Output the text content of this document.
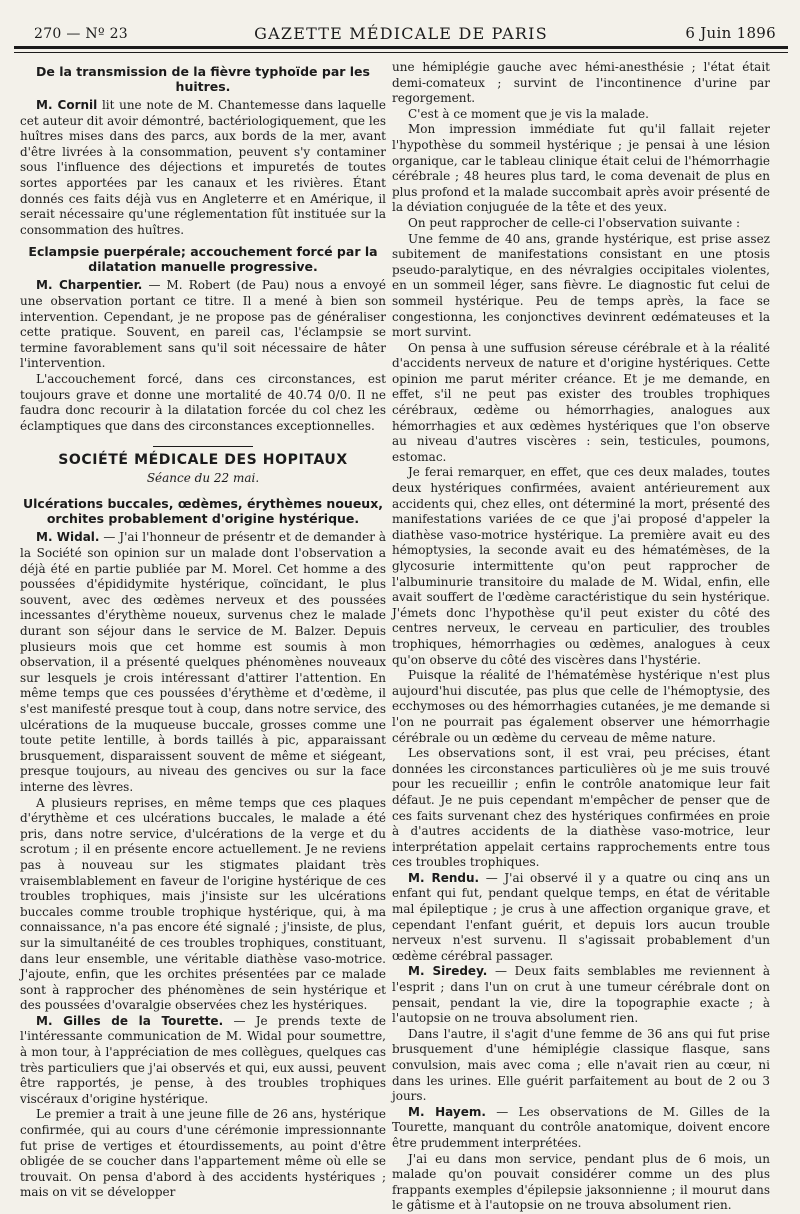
270 — Nº 23	GAZETTE MÉDICALE DE PARIS	6 Juin 1896
De la transmission de la fièvre typhoïde par les huitres.

M. Cornil lit une note de M. Chantemesse dans laquelle cet auteur dit avoir démontré, bactériologiquement, que les huîtres mises dans des parcs, aux bords de la mer, avant d'être livrées à la consommation, peuvent s'y contaminer sous l'influence des déjections et impuretés de toutes sortes apportées par les canaux et les rivières. Étant donnés ces faits déjà vus en Angleterre et en Amérique, il serait nécessaire qu'une réglementation fût instituée sur la consommation des huîtres.

Eclampsie puerpérale; accouchement forcé par la dilatation manuelle progressive.

M. Charpentier. — M. Robert (de Pau) nous a envoyé une observation portant ce titre. Il a mené à bien son intervention. Cependant, je ne propose pas de généraliser cette pratique. Souvent, en pareil cas, l'éclampsie se termine favorablement sans qu'il soit nécessaire de hâter l'intervention.

L'accouchement forcé, dans ces circonstances, est toujours grave et donne une mortalité de 40.74 0/0. Il ne faudra donc recourir à la dilatation forcée du col chez les éclamptiques que dans des circonstances exceptionnelles.

SOCIÉTÉ MÉDICALE DES HOPITAUX
Séance du 22 mai.
Ulcérations buccales, œdèmes, érythèmes noueux, orchites probablement d'origine hystérique.

M. Widal. — J'ai l'honneur de présentr et de demander à la Société son opinion sur un malade dont l'observation a déjà été en partie publiée par M. Morel. Cet homme a des poussées d'épididymite hystérique, coïncidant, le plus souvent, avec des œdèmes nerveux et des poussées incessantes d'érythème noueux, survenus chez le malade durant son séjour dans le service de M. Balzer. Depuis plusieurs mois que cet homme est soumis à mon observation, il a présenté quelques phénomènes nouveaux sur lesquels je crois intéressant d'attirer l'attention. En même temps que ces poussées d'érythème et d'œdème, il s'est manifesté presque tout à coup, dans notre service, des ulcérations de la muqueuse buccale, grosses comme une toute petite lentille, à bords taillés à pic, apparaissant brusquement, disparaissent souvent de même et siégeant, presque toujours, au niveau des gencives ou sur la face interne des lèvres.

A plusieurs reprises, en même temps que ces plaques d'érythème et ces ulcérations buccales, le malade a été pris, dans notre service, d'ulcérations de la verge et du scrotum ; il en présente encore actuellement. Je ne reviens pas à nouveau sur les stigmates plaidant très vraisemblablement en faveur de l'origine hystérique de ces troubles trophiques, mais j'insiste sur les ulcérations buccales comme trouble trophique hystérique, qui, à ma connaissance, n'a pas encore été signalé ; j'insiste, de plus, sur la simultanéité de ces troubles trophiques, constituant, dans leur ensemble, une véritable diathèse vaso-motrice. J'ajoute, enfin, que les orchites présentées par ce malade sont à rapprocher des phénomènes de sein hystérique et des poussées d'ovaralgie observées chez les hystériques.

M. Gilles de la Tourette. — Je prends texte de l'intéressante communication de M. Widal pour soumettre, à mon tour, à l'appréciation de mes collègues, quelques cas très particuliers que j'ai observés et qui, eux aussi, peuvent être rapportés, je pense, à des troubles trophiques viscéraux d'origine hystérique.

Le premier a trait à une jeune fille de 26 ans, hystérique confirmée, qui au cours d'une cérémonie impressionnante fut prise de vertiges et étourdissements, au point d'être obligée de se coucher dans l'appartement même où elle se trouvait. On pensa d'abord à des accidents hystériques ; mais on vit se développer

une hémiplégie gauche avec hémi-anesthésie ; l'état était demi-comateux ; survint de l'incontinence d'urine par regorgement.

C'est à ce moment que je vis la malade.

Mon impression immédiate fut qu'il fallait rejeter l'hypothèse du sommeil hystérique ; je pensai à une lésion organique, car le tableau clinique était celui de l'hémorrhagie cérébrale ; 48 heures plus tard, le coma devenait de plus en plus profond et la malade succombait après avoir présenté de la déviation conjuguée de la tête et des yeux.

On peut rapprocher de celle-ci l'observation suivante :

Une femme de 40 ans, grande hystérique, est prise assez subitement de manifestations consistant en une ptosis pseudo-paralytique, en des névralgies occipitales violentes, en un sommeil léger, sans fièvre. Le diagnostic fut celui de sommeil hystérique. Peu de temps après, la face se congestionna, les conjonctives devinrent œdémateuses et la mort survint.

On pensa à une suffusion séreuse cérébrale et à la réalité d'accidents nerveux de nature et d'origine hystériques. Cette opinion me parut mériter créance. Et je me demande, en effet, s'il ne peut pas exister des troubles trophiques cérébraux, œdème ou hémorrhagies, analogues aux hémorrhagies et aux œdèmes hystériques que l'on observe au niveau d'autres viscères : sein, testicules, poumons, estomac.

Je ferai remarquer, en effet, que ces deux malades, toutes deux hystériques confirmées, avaient antérieurement aux accidents qui, chez elles, ont déterminé la mort, présenté des manifestations variées de ce que j'ai proposé d'appeler la diathèse vaso-motrice hystérique. La première avait eu des hémoptysies, la seconde avait eu des hématémèses, de la glycosurie intermittente qu'on peut rapprocher de l'albuminurie transitoire du malade de M. Widal, enfin, elle avait souffert de l'œdème caractéristique du sein hystérique. J'émets donc l'hypothèse qu'il peut exister du côté des centres nerveux, le cerveau en particulier, des troubles trophiques, hémorrhagies ou œdèmes, analogues à ceux qu'on observe du côté des viscères dans l'hystérie.

Puisque la réalité de l'hématémèse hystérique n'est plus aujourd'hui discutée, pas plus que celle de l'hémoptysie, des ecchymoses ou des hémorrhagies cutanées, je me demande si l'on ne pourrait pas également observer une hémorrhagie cérébrale ou un œdème du cerveau de même nature.

Les observations sont, il est vrai, peu précises, étant données les circonstances particulières où je me suis trouvé pour les recueillir ; enfin le contrôle anatomique leur fait défaut. Je ne puis cependant m'empêcher de penser que de ces faits survenant chez des hystériques confirmées en proie à d'autres accidents de la diathèse vaso-motrice, leur interprétation appelait certains rapprochements entre tous ces troubles trophiques.

M. Rendu. — J'ai observé il y a quatre ou cinq ans un enfant qui fut, pendant quelque temps, en état de véritable mal épileptique ; je crus à une affection organique grave, et cependant l'enfant guérit, et depuis lors aucun trouble nerveux n'est survenu. Il s'agissait probablement d'un œdème cérébral passager.

M. Siredey. — Deux faits semblables me reviennent à l'esprit ; dans l'un on crut à une tumeur cérébrale dont on pensait, pendant la vie, dire la topographie exacte ; à l'autopsie on ne trouva absolument rien.

Dans l'autre, il s'agit d'une femme de 36 ans qui fut prise brusquement d'une hémiplégie classique flasque, sans convulsion, mais avec coma ; elle n'avait rien au cœur, ni dans les urines. Elle guérit parfaitement au bout de 2 ou 3 jours.

M. Hayem. — Les observations de M. Gilles de la Tourette, manquant du contrôle anatomique, doivent encore être prudemment interprétées.

J'ai eu dans mon service, pendant plus de 6 mois, un malade qu'on pouvait considérer comme un des plus frappants exemples d'épilepsie jaksonnienne ; il mourut dans le gâtisme et à l'autopsie on ne trouva absolument rien.
